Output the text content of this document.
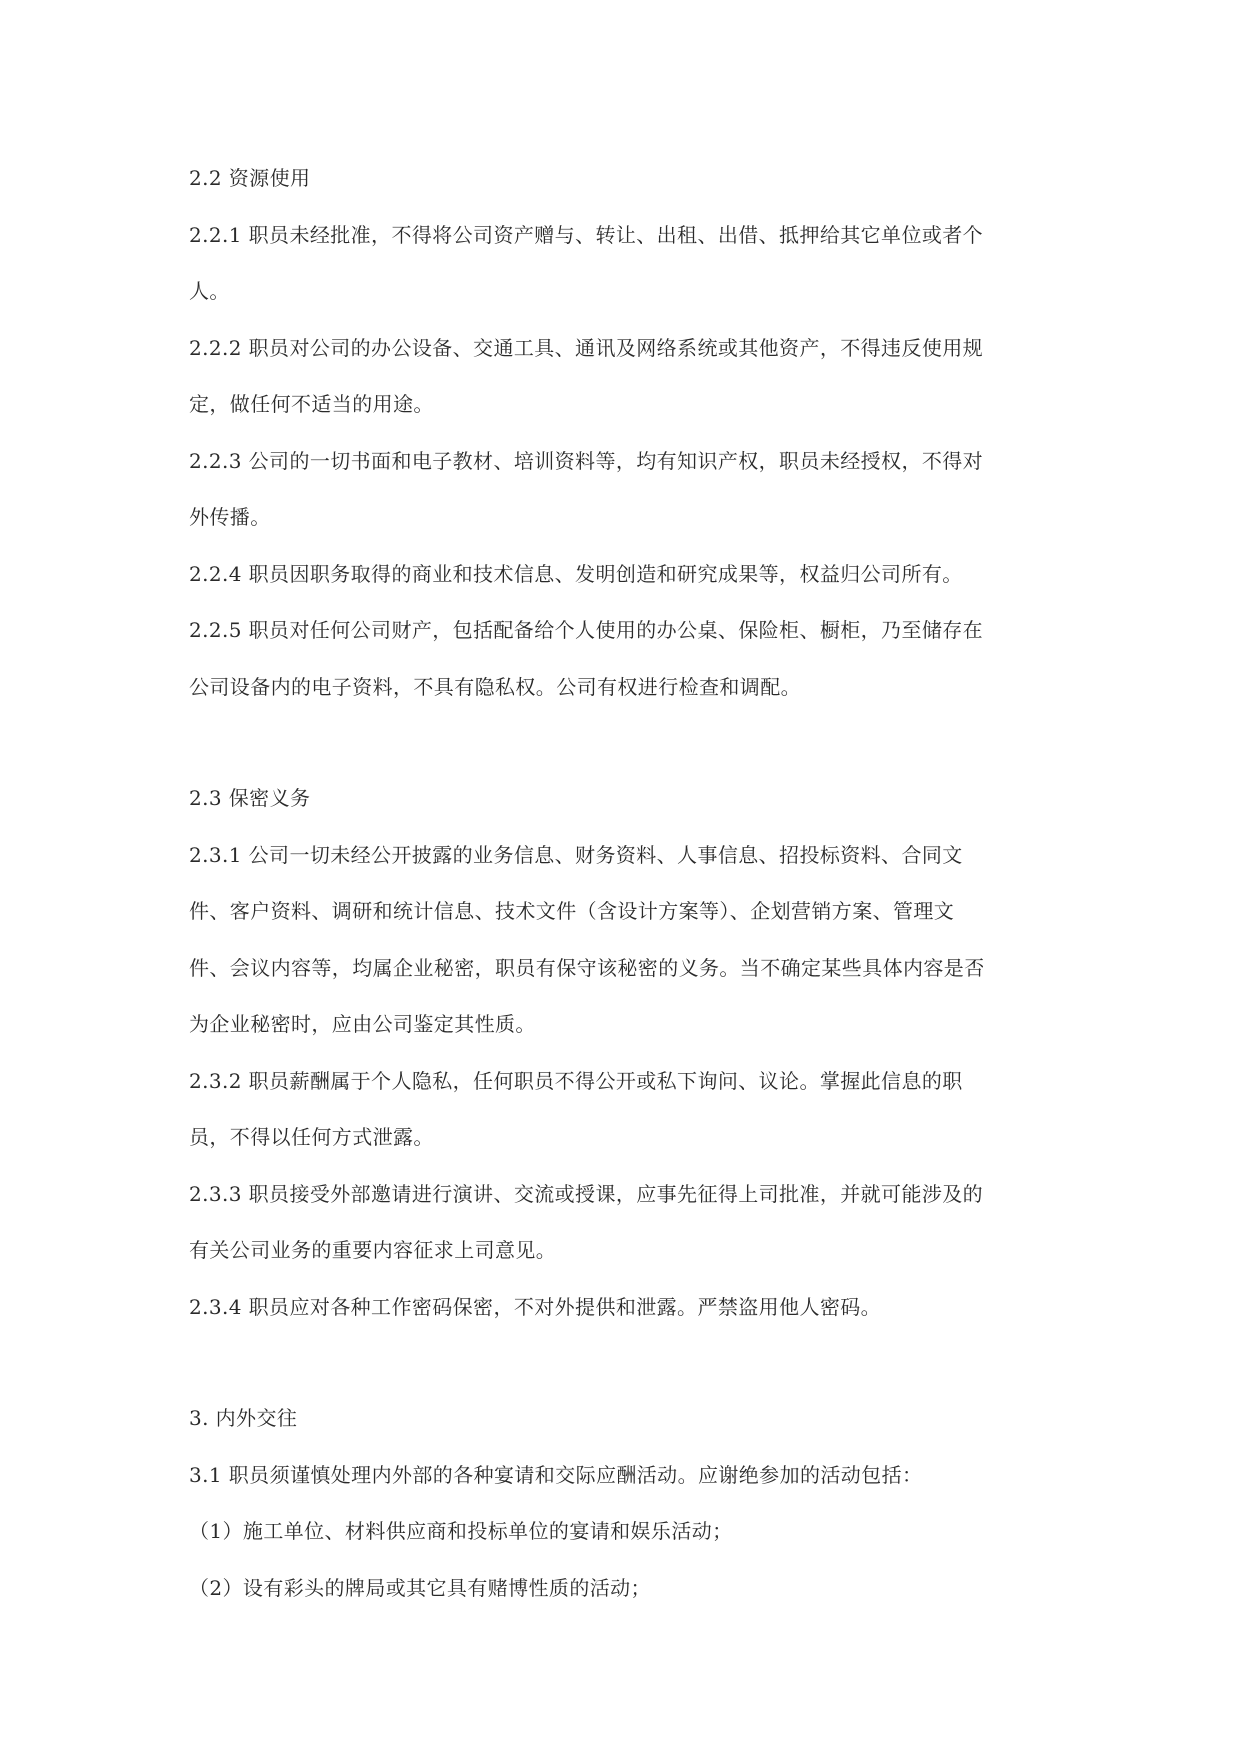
2.2 资源使用
2.2.1 职员未经批准，不得将公司资产赠与、转让、出租、出借、抵押给其它单位或者个
人。
2.2.2 职员对公司的办公设备、交通工具、通讯及网络系统或其他资产，不得违反使用规
定，做任何不适当的用途。
2.2.3 公司的一切书面和电子教材、培训资料等，均有知识产权，职员未经授权，不得对
外传播。
2.2.4 职员因职务取得的商业和技术信息、发明创造和研究成果等，权益归公司所有。
2.2.5 职员对任何公司财产，包括配备给个人使用的办公桌、保险柜、橱柜，乃至储存在
公司设备内的电子资料，不具有隐私权。公司有权进行检查和调配。
2.3 保密义务
2.3.1 公司一切未经公开披露的业务信息、财务资料、人事信息、招投标资料、合同文
件、客户资料、调研和统计信息、技术文件（含设计方案等）、企划营销方案、管理文
件、会议内容等，均属企业秘密，职员有保守该秘密的义务。当不确定某些具体内容是否
为企业秘密时，应由公司鉴定其性质。
2.3.2 职员薪酬属于个人隐私，任何职员不得公开或私下询问、议论。掌握此信息的职
员，不得以任何方式泄露。
2.3.3 职员接受外部邀请进行演讲、交流或授课，应事先征得上司批准，并就可能涉及的
有关公司业务的重要内容征求上司意见。
2.3.4 职员应对各种工作密码保密，不对外提供和泄露。严禁盗用他人密码。
3. 内外交往
3.1 职员须谨慎处理内外部的各种宴请和交际应酬活动。应谢绝参加的活动包括：
（1）施工单位、材料供应商和投标单位的宴请和娱乐活动；
（2）设有彩头的牌局或其它具有赌博性质的活动；
